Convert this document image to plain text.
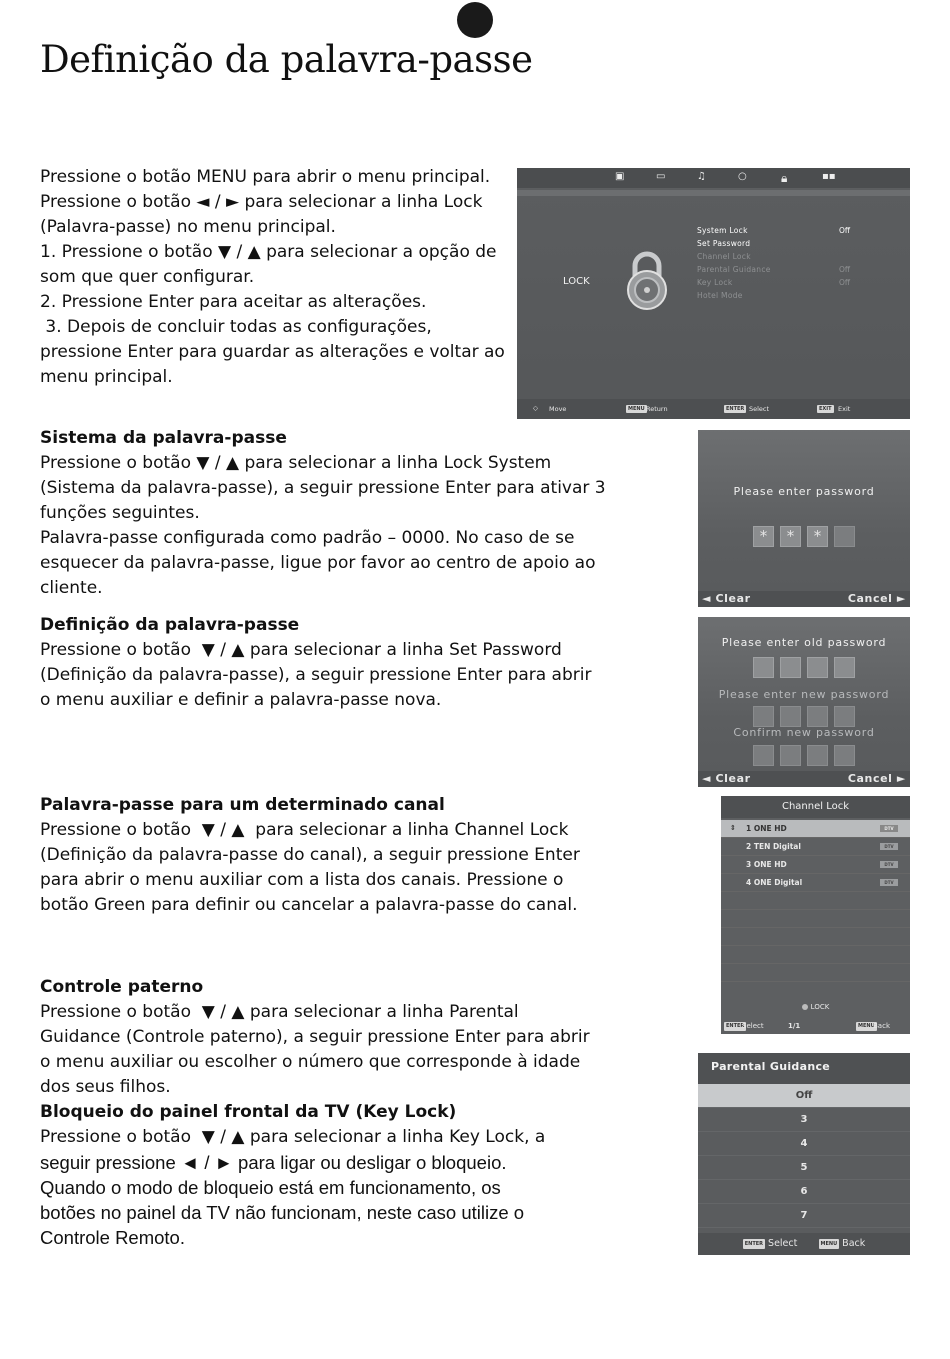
Definição da palavra-passe

Pressione o botão MENU para abrir o menu principal.

Pressione o botão ◄ / ► para selecionar a linha Lock

(Palavra-passe) no menu principal.

1. Pressione o botão ▼ / ▲ para selecionar a opção de

som que quer configurar.

2. Pressione Enter para aceitar as alterações.

3. Depois de concluir todas as configurações,

pressione Enter para guardar as alterações e voltar ao

menu principal.

Sistema da palavra-passe

Pressione o botão ▼ / ▲ para selecionar a linha Lock System

(Sistema da palavra-passe), a seguir pressione Enter para ativar 3

funções seguintes.

Palavra-passe configurada como padrão – 0000. No caso de se

esquecer da palavra-passe, ligue por favor ao centro de apoio ao

cliente.

Definição da palavra-passe

Pressione o botão  ▼ / ▲ para selecionar a linha Set Password

(Definição da palavra-passe), a seguir pressione Enter para abrir

o menu auxiliar e definir a palavra-passe nova.

Palavra-passe para um determinado canal

Pressione o botão  ▼ / ▲  para selecionar a linha Channel Lock

(Definição da palavra-passe do canal), a seguir pressione Enter

para abrir o menu auxiliar com a lista dos canais. Pressione o

botão Green para definir ou cancelar a palavra-passe do canal.

Controle paterno

Pressione o botão  ▼ / ▲ para selecionar a linha Parental

Guidance (Controle paterno), a seguir pressione Enter para abrir

o menu auxiliar ou escolher o número que corresponde à idade

dos seus filhos.

Bloqueio do painel frontal da TV (Key Lock)

Pressione o botão  ▼ / ▲ para selecionar a linha Key Lock, a

seguir pressione ◄ / ► para ligar ou desligar o bloqueio.

Quando o modo de bloqueio está em funcionamento, os

botões no painel da TV não funcionam, neste caso utilize o

Controle Remoto.

▣	▭	♫	○	🔒︎	▪▪
LOCK
System Lock	Off
Set Password
Channel Lock
Parental Guidance	Off
Key Lock	Off
Hotel Mode
◇ Move	MENU Return	ENTER Select	EXIT Exit
Please enter password
*	*	*
◄ Clear	Cancel ►
Please enter old password
Please enter new password
Confirm new password
◄ Clear	Cancel ►
Channel Lock
⇕ 1 ONE HD	DTV
2 TEN Digital	DTV
3 ONE HD	DTV
4 ONE Digital	DTV
LOCK
ENTER
Select	1/1	MENU
Back
Parental Guidance
Off
3
4
5
6
7
ENTER Select	MENU Back
